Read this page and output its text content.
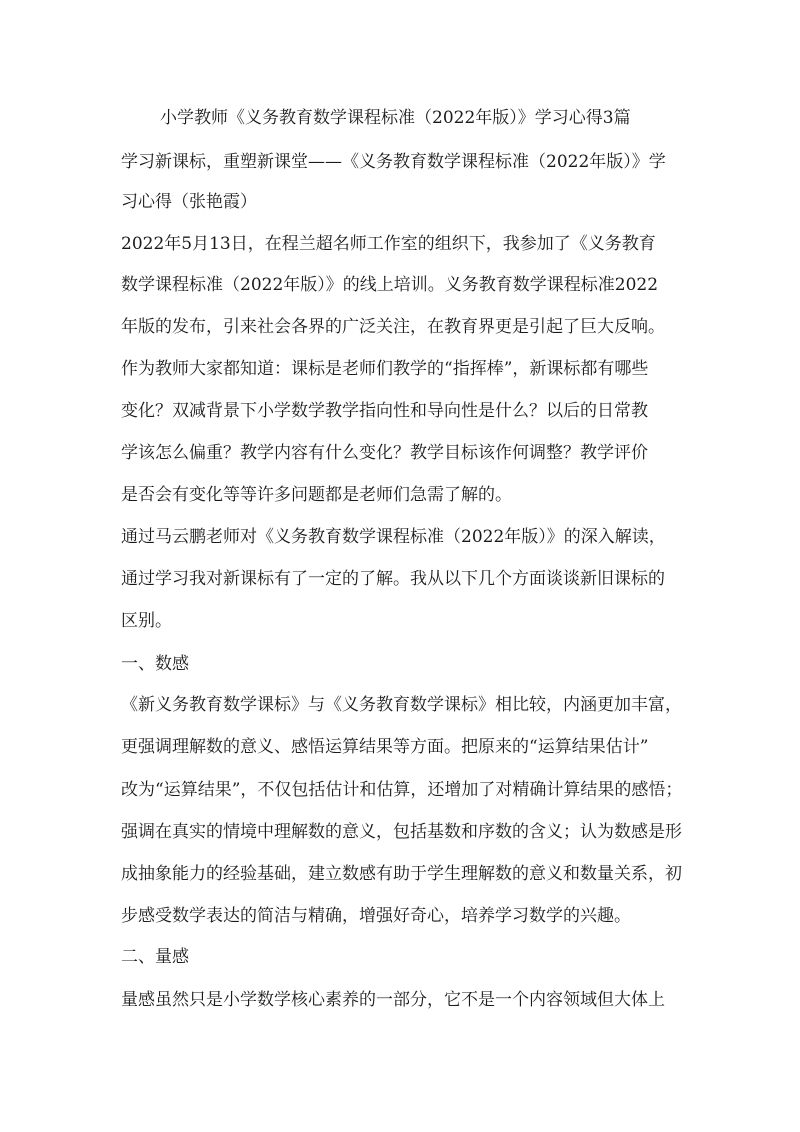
小学教师《义务教育数学课程标准（2022年版）》学习心得3篇
学习新课标，重塑新课堂——《义务教育数学课程标准（2022年版）》学
习心得（张艳霞）
2022年5月13日，在程兰超名师工作室的组织下，我参加了《义务教育
数学课程标准（2022年版）》的线上培训。义务教育数学课程标准2022
年版的发布，引来社会各界的广泛关注，在教育界更是引起了巨大反响。
作为教师大家都知道：课标是老师们教学的“指挥棒”，新课标都有哪些
变化？双减背景下小学数学教学指向性和导向性是什么？以后的日常教
学该怎么偏重？教学内容有什么变化？教学目标该作何调整？教学评价
是否会有变化等等许多问题都是老师们急需了解的。
通过马云鹏老师对《义务教育数学课程标准（2022年版）》的深入解读，
通过学习我对新课标有了一定的了解。我从以下几个方面谈谈新旧课标的
区别。
一、数感
《新义务教育数学课标》与《义务教育数学课标》相比较，内涵更加丰富，
更强调理解数的意义、感悟运算结果等方面。把原来的“运算结果估计”
改为“运算结果”，不仅包括估计和估算，还增加了对精确计算结果的感悟；
强调在真实的情境中理解数的意义，包括基数和序数的含义；认为数感是形
成抽象能力的经验基础，建立数感有助于学生理解数的意义和数量关系，初
步感受数学表达的简洁与精确，增强好奇心，培养学习数学的兴趣。
二、量感
量感虽然只是小学数学核心素养的一部分，它不是一个内容领域但大体上
